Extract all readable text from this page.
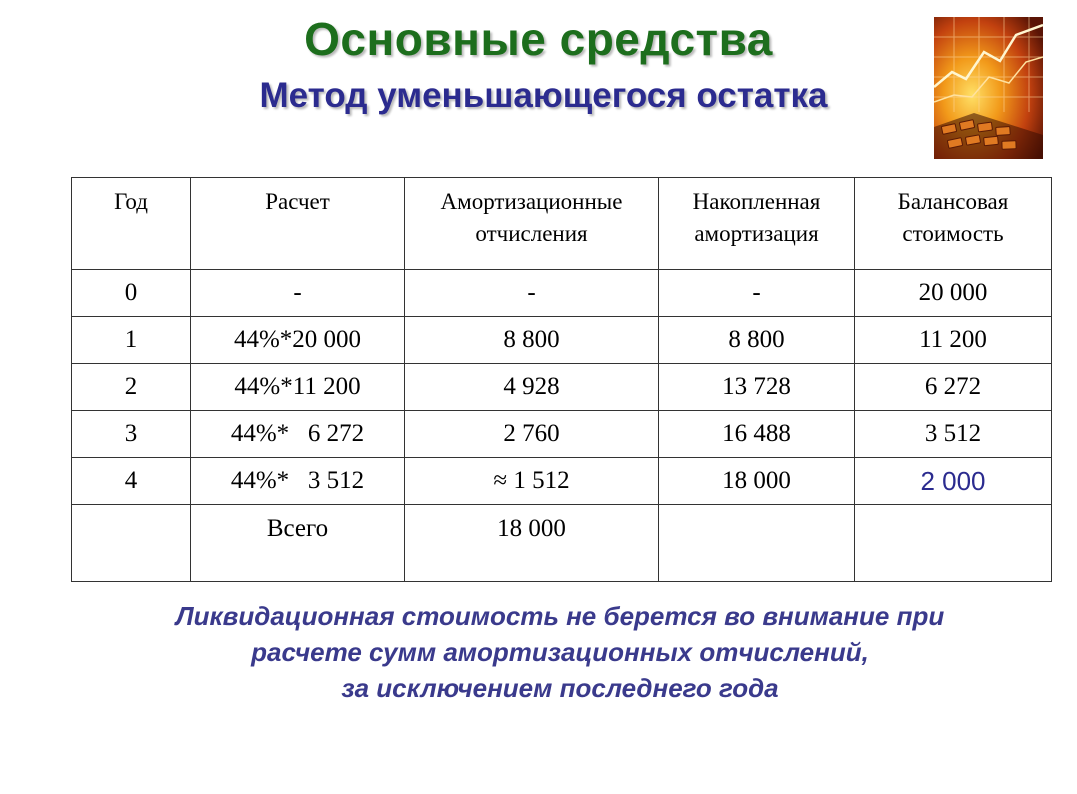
Основные средства
Метод уменьшающегося остатка
Год	Расчет	Амортизационные отчисления	Накопленная амортизация	Балансовая стоимость
0	-	-	-	20 000
1	44%*20 000	8 800	8 800	11 200
2	44%*11 200	4 928	13 728	6 272
3	44%*   6 272	2 760	16 488	3 512
4	44%*   3 512	≈ 1 512	18 000	2 000
	Всего	18 000		
Ликвидационная стоимость не берется во внимание при
расчете сумм амортизационных отчислений,
за исключением последнего года
